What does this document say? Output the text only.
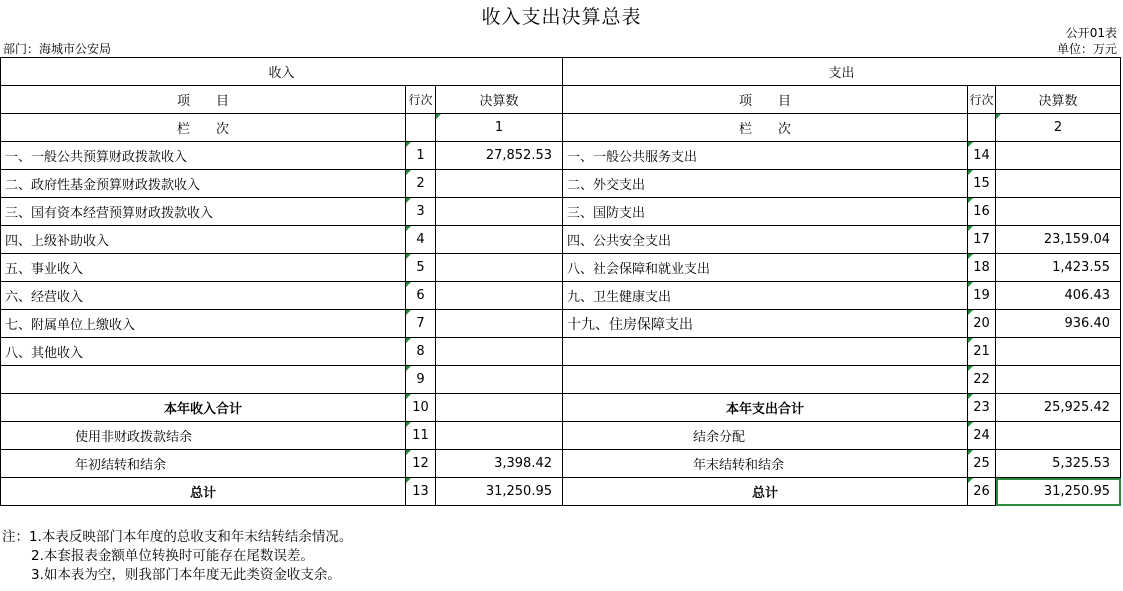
收入支出决算总表
公开01表
部门：海城市公安局	单位：万元
收入			支出		
项　　目	行次	决算数	项　　目	行次	决算数
栏　　次		1	栏　　次		2
一、一般公共预算财政拨款收入	1	27,852.53	一、一般公共服务支出	14	
二、政府性基金预算财政拨款收入	2		二、外交支出	15	
三、国有资本经营预算财政拨款收入	3		三、国防支出	16	
四、上级补助收入	4		四、公共安全支出	17	23,159.04
五、事业收入	5		八、社会保障和就业支出	18	1,423.55
六、经营收入	6		九、卫生健康支出	19	406.43
七、附属单位上缴收入	7		十九、住房保障支出	20	936.40
八、其他收入	8			21	
	9			22	
本年收入合计	10		本年支出合计	23	25,925.42
使用非财政拨款结余	11		结余分配	24	
年初结转和结余	12	3,398.42	年末结转和结余	25	5,325.53
总计	13	31,250.95	总计	26	31,250.95
注：1.本表反映部门本年度的总收支和年末结转结余情况。
2.本套报表金额单位转换时可能存在尾数误差。
3.如本表为空，则我部门本年度无此类资金收支余。
